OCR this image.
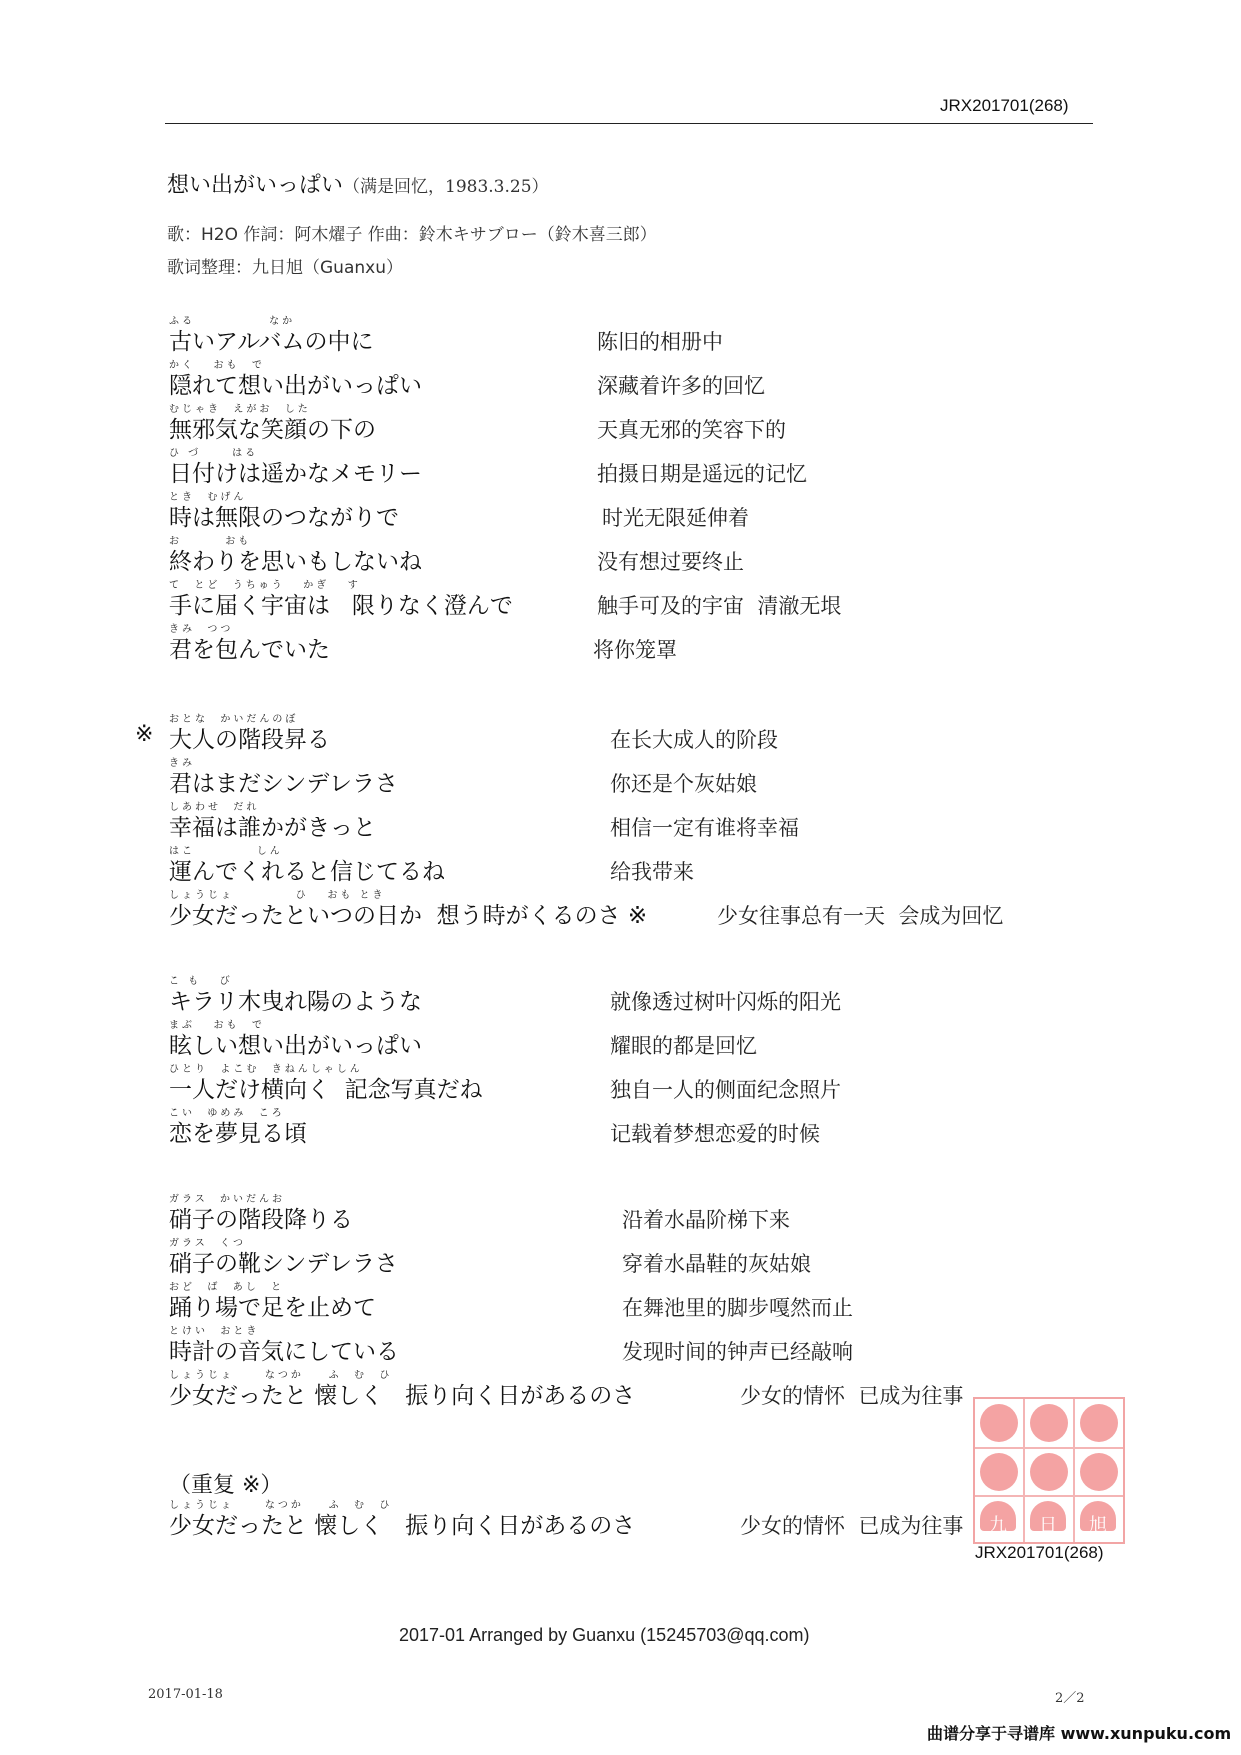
JRX201701(268)
想い出がいっぱい（满是回忆，1983.3.25）
歌：H2O 作詞：阿木燿子 作曲：鈴木キサブロー（鈴木喜三郎）
歌词整理：九日旭（Guanxu）
ふる            なか
古いアルバムの中に	陈旧的相册中
かく   おも  で
隠れて想い出がいっぱい	深藏着许多的回忆
むじゃき  えがお  した
無邪気な笑顔の下の	天真无邪的笑容下的
ひ づ     はる
日付けは遥かなメモリー	拍摄日期是遥远的记忆
とき  むげん
時は無限のつながりで	时光无限延伸着
お       おも
終わりを思いもしないね	没有想过要终止
て  とど  うちゅう   かぎ   す
手に届く宇宙は   限りなく澄んで	触手可及的宇宙  清澈无垠
きみ  つつ
君を包んでいた	将你笼罩
※
おとな  かいだんのぼ
大人の階段昇る	在长大成人的阶段
きみ
君はまだシンデレラさ	你还是个灰姑娘
しあわせ  だれ
幸福は誰かがきっと	相信一定有谁将幸福
はこ          しん
運んでくれると信じてるね	给我带来
しょうじょ          ひ   おも とき
少女だったといつの日か  想う時がくるのさ ※	少女往事总有一天  会成为回忆
こ も   び
キラリ木曳れ陽のような	就像透过树叶闪烁的阳光
まぶ   おも  で
眩しい想い出がいっぱい	耀眼的都是回忆
ひとり  よこむ  きねんしゃしん
一人だけ横向く  記念写真だね	独自一人的侧面纪念照片
こい  ゆめみ  ころ
恋を夢見る頃	记载着梦想恋爱的时候
ガラス  かいだんお
硝子の階段降りる	沿着水晶阶梯下来
ガラス  くつ
硝子の靴シンデレラさ	穿着水晶鞋的灰姑娘
おど  ば  あし  と
踊り場で足を止めて	在舞池里的脚步嘎然而止
とけい  おとき
時計の音気にしている	发现时间的钟声已经敲响
しょうじょ     なつか    ふ  む  ひ
少女だったと 懐しく   振り向く日があるのさ	少女的情怀  已成为往事
（重复 ※）
しょうじょ     なつか    ふ  む  ひ
少女だったと 懐しく   振り向く日があるのさ	少女的情怀  已成为往事 九 日 旭
JRX201701(268)
2017-01 Arranged by Guanxu (15245703@qq.com)
2017-01-18	2／2
曲谱分享于寻谱库 www.xunpuku.com
